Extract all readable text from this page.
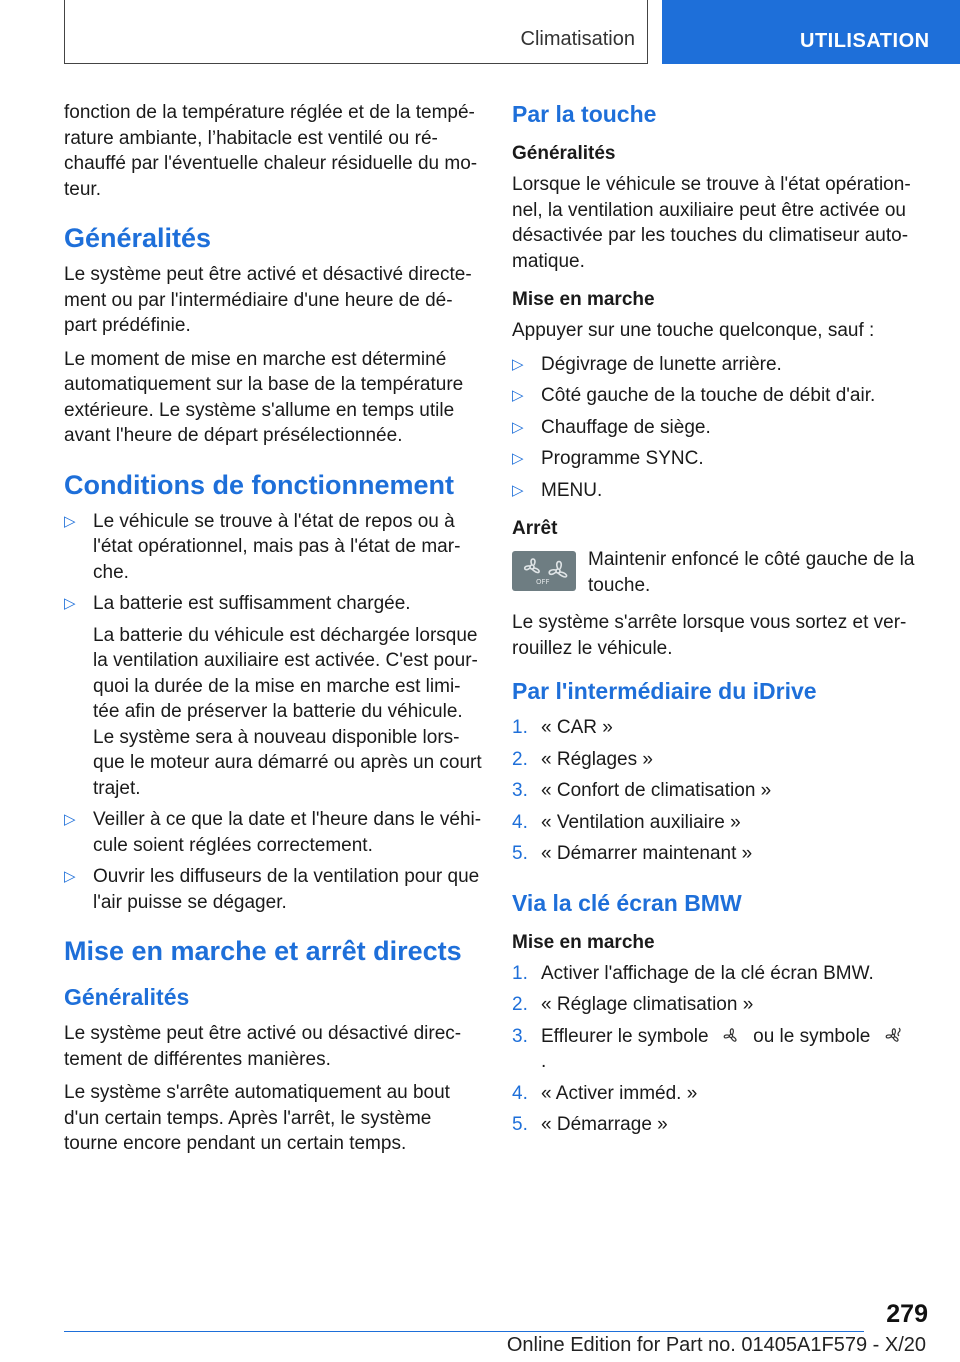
Climatisation	UTILISATION

fonction de la température réglée et de la tempé-rature ambiante, l’habitacle est ventilé ou ré-chauffé par l'éventuelle chaleur résiduelle du mo-teur.

Généralités

Le système peut être activé et désactivé directe-ment ou par l'intermédiaire d'une heure de dé-part prédéfinie.

Le moment de mise en marche est déterminé automatiquement sur la base de la température extérieure. Le système s'allume en temps utile avant l'heure de départ présélectionnée.

Conditions de fonctionnement
▷ Le véhicule se trouve à l'état de repos ou à l'état opérationnel, mais pas à l'état de mar-che.
▷ La batterie est suffisamment chargée.
La batterie du véhicule est déchargée lorsque la ventilation auxiliaire est activée. C'est pour-quoi la durée de la mise en marche est limi-tée afin de préserver la batterie du véhicule. Le système sera à nouveau disponible lors-que le moteur aura démarré ou après un court trajet.
▷ Veiller à ce que la date et l'heure dans le véhi-cule soient réglées correctement.
▷ Ouvrir les diffuseurs de la ventilation pour que l'air puisse se dégager.
Mise en marche et arrêt directs
Généralités

Le système peut être activé ou désactivé direc-tement de différentes manières.

Le système s'arrête automatiquement au bout d'un certain temps. Après l'arrêt, le système tourne encore pendant un certain temps.

Par la touche
Généralités

Lorsque le véhicule se trouve à l'état opération-nel, la ventilation auxiliaire peut être activée ou désactivée par les touches du climatiseur auto-matique.

Mise en marche

Appuyer sur une touche quelconque, sauf :

▷ Dégivrage de lunette arrière.
▷ Côté gauche de la touche de débit d'air.
▷ Chauffage de siège.
▷ Programme SYNC.
▷ MENU.
Arrêt
OFF
Maintenir enfoncé le côté gauche de la touche.

Le système s'arrête lorsque vous sortez et ver-rouillez le véhicule.

Par l'intermédiaire du iDrive
1. « CAR »
2. « Réglages »
3. « Confort de climatisation »
4. « Ventilation auxiliaire »
5. « Démarrer maintenant »
Via la clé écran BMW
Mise en marche
1. Activer l'affichage de la clé écran BMW.
2. « Réglage climatisation »
3. Effleurer le symbole ou le symbole  .
4. « Activer imméd. »
5. « Démarrage »
279
Online Edition for Part no. 01405A1F579 - X/20
